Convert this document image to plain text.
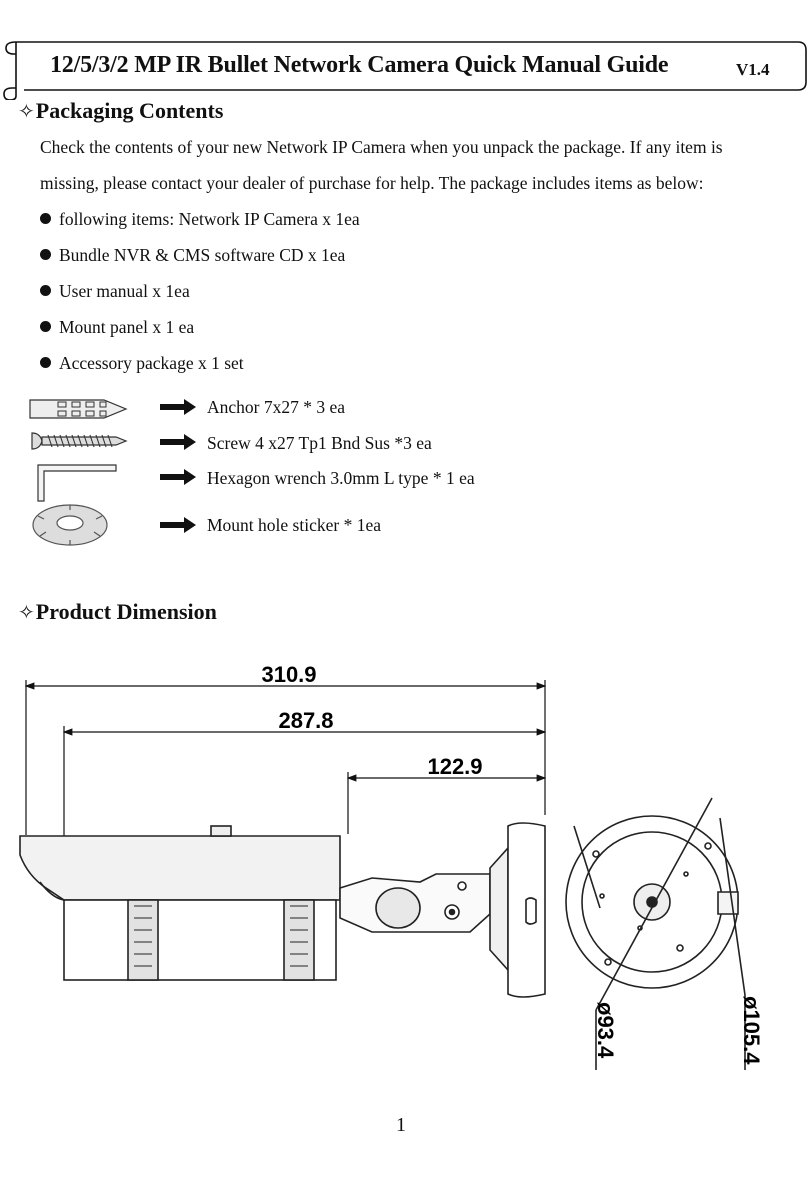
12/5/3/2 MP IR Bullet Network Camera Quick Manual Guide	V1.4
✧Packaging Contents
Check the contents of your new Network IP Camera when you unpack the package. If any item is
missing, please contact your dealer of purchase for help. The package includes items as below:
following items: Network IP Camera x 1ea
Bundle NVR & CMS software CD x 1ea
User manual x 1ea
Mount panel x 1 ea
Accessory package x 1 set
Anchor 7x27 * 3 ea
Screw 4 x27 Tp1 Bnd Sus *3 ea
Hexagon wrench 3.0mm L type * 1 ea
Mount hole sticker * 1ea
✧Product Dimension
310.9
287.8
122.9
ø93.4	ø105.4
1
